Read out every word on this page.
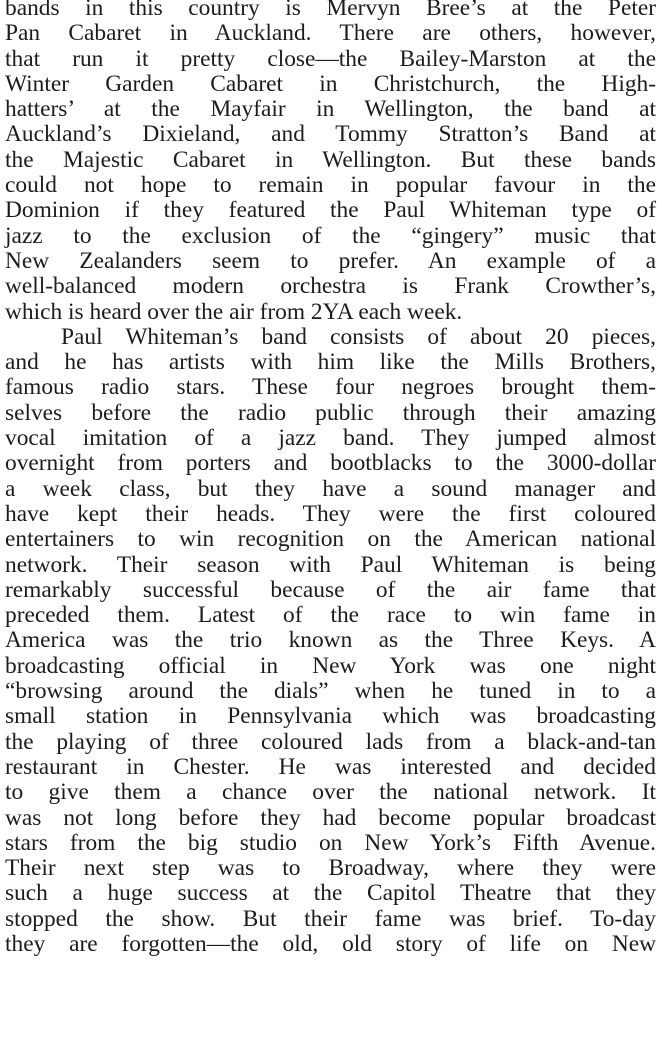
bands in this country is Mervyn Bree’s at the Peter
Pan Cabaret in Auckland. There are others, however,
that run it pretty close—the Bailey-Marston at the
Winter Garden Cabaret in Christchurch, the High-
hatters’ at the Mayfair in Wellington, the band at
Auckland’s Dixieland, and Tommy Stratton’s Band at
the Majestic Cabaret in Wellington. But these bands
could not hope to remain in popular favour in the
Dominion if they featured the Paul Whiteman type of
jazz to the exclusion of the “gingery” music that
New Zealanders seem to prefer. An example of a
well-balanced modern orchestra is Frank Crowther’s,
which is heard over the air from 2YA each week.
Paul Whiteman’s band consists of about 20 pieces,
and he has artists with him like the Mills Brothers,
famous radio stars. These four negroes brought them-
selves before the radio public through their amazing
vocal imitation of a jazz band. They jumped almost
overnight from porters and bootblacks to the 3000-dollar
a week class, but they have a sound manager and
have kept their heads. They were the first coloured
entertainers to win recognition on the American national
network. Their season with Paul Whiteman is being
remarkably successful because of the air fame that
preceded them. Latest of the race to win fame in
America was the trio known as the Three Keys. A
broadcasting official in New York was one night
“browsing around the dials” when he tuned in to a
small station in Pennsylvania which was broadcasting
the playing of three coloured lads from a black-and-tan
restaurant in Chester. He was interested and decided
to give them a chance over the national network. It
was not long before they had become popular broadcast
stars from the big studio on New York’s Fifth Avenue.
Their next step was to Broadway, where they were
such a huge success at the Capitol Theatre that they
stopped the show. But their fame was brief. To-day
they are forgotten—the old, old story of life on New
